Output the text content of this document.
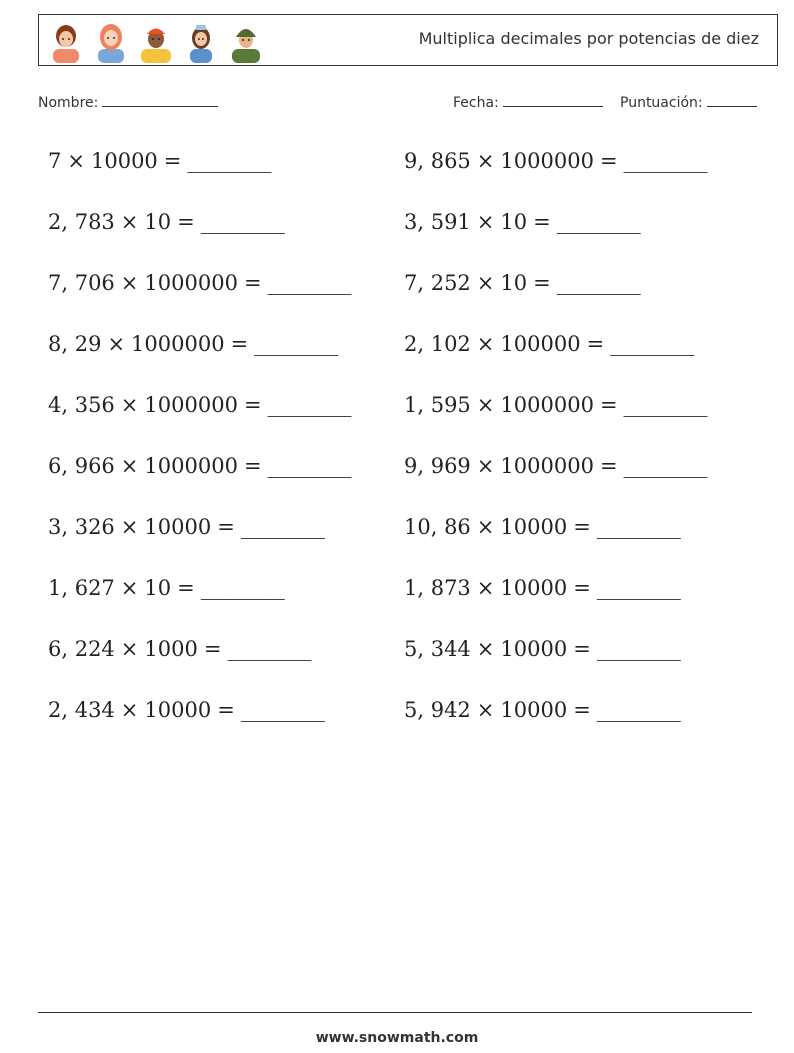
Multiplica decimales por potencias de diez
Nombre:	Fecha:	Puntuación:
7 × 10000 = ________	9, 865 × 1000000 = ________
2, 783 × 10 = ________	3, 591 × 10 = ________
7, 706 × 1000000 = ________ 7, 252 × 10 = ________
8, 29 × 1000000 = ________	2, 102 × 100000 = ________
4, 356 × 1000000 = ________ 1, 595 × 1000000 = ________
6, 966 × 1000000 = ________ 9, 969 × 1000000 = ________
3, 326 × 10000 = ________	10, 86 × 10000 = ________
1, 627 × 10 = ________	1, 873 × 10000 = ________
6, 224 × 1000 = ________	5, 344 × 10000 = ________
2, 434 × 10000 = ________	5, 942 × 10000 = ________
www.snowmath.com
